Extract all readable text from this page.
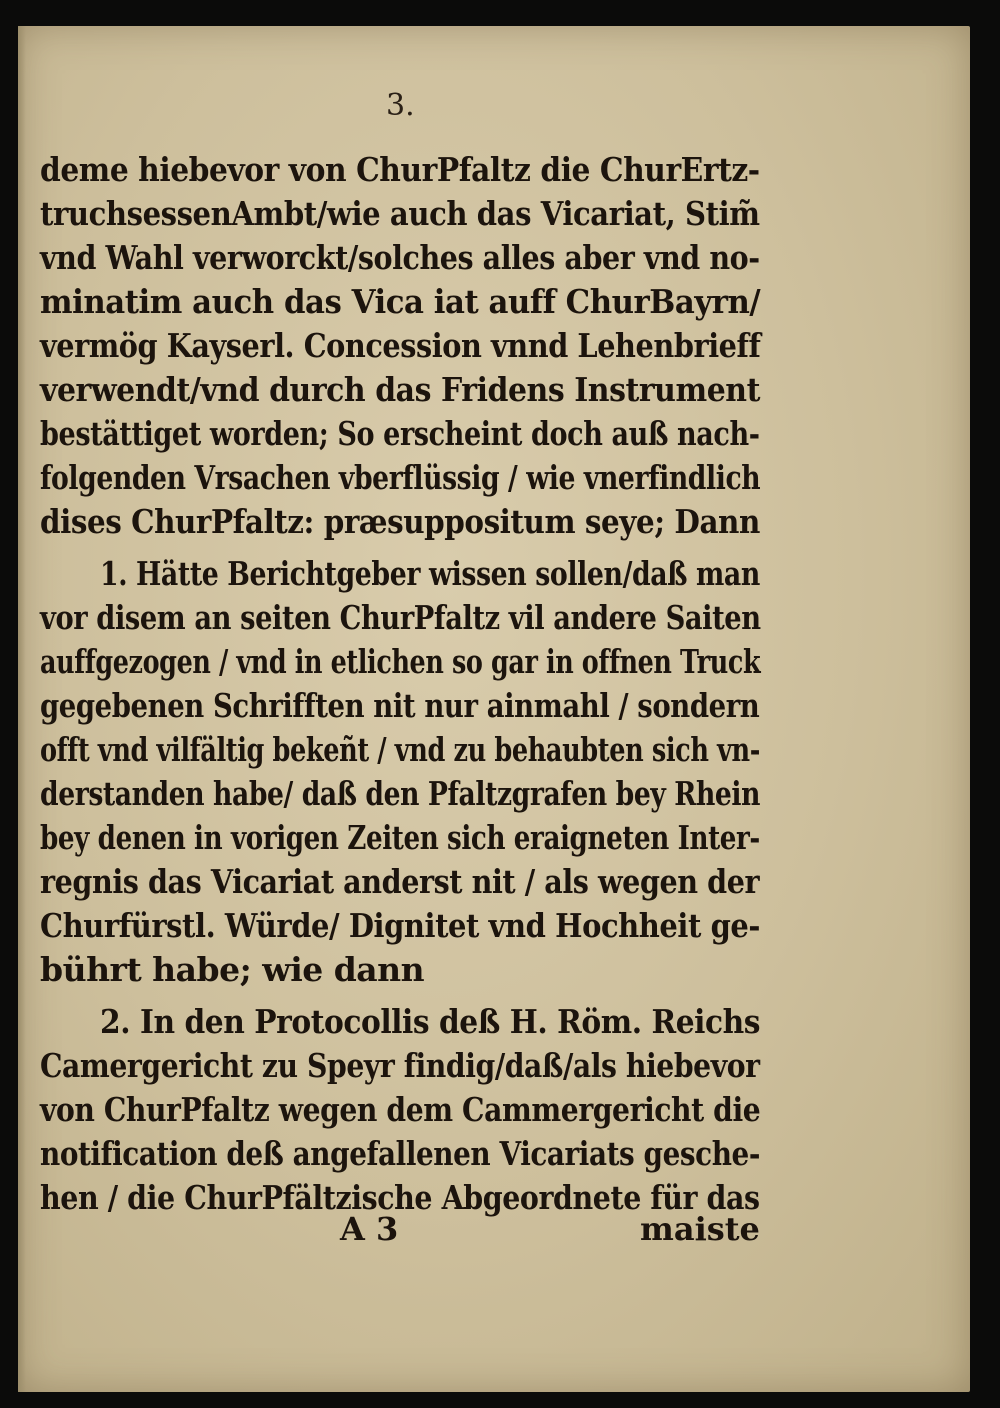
3.
deme hiebevor von ChurPfaltz die ChurErtz-
truchsessenAmbt/wie auch das Vicariat, Stim̃
vnd Wahl verworckt/solches alles aber vnd no-
minatim auch das Vica iat auff ChurBayrn/
vermög Kayserl. Concession vnnd Lehenbrieff
verwendt/vnd durch das Fridens Instrument
bestättiget worden; So erscheint doch auß nach-
folgenden Vrsachen vberflüssig / wie vnerfindlich
dises ChurPfaltz: præsuppositum seye; Dann
1. Hätte Berichtgeber wissen sollen/daß man
vor disem an seiten ChurPfaltz vil andere Saiten
auffgezogen / vnd in etlichen so gar in offnen Truck
gegebenen Schrifften nit nur ainmahl / sondern
offt vnd vilfältig bekeñt / vnd zu behaubten sich vn-
derstanden habe/ daß den Pfaltzgrafen bey Rhein
bey denen in vorigen Zeiten sich eraigneten Inter-
regnis das Vicariat anderst nit / als wegen der
Churfürstl. Würde/ Dignitet vnd Hochheit ge-
bührt habe; wie dann
2. In den Protocollis deß H. Röm. Reichs
Camergericht zu Speyr findig/daß/als hiebevor
von ChurPfaltz wegen dem Cammergericht die
notification deß angefallenen Vicariats gesche-
hen / die ChurPfältzische Abgeordnete für das
A 3	maiste
